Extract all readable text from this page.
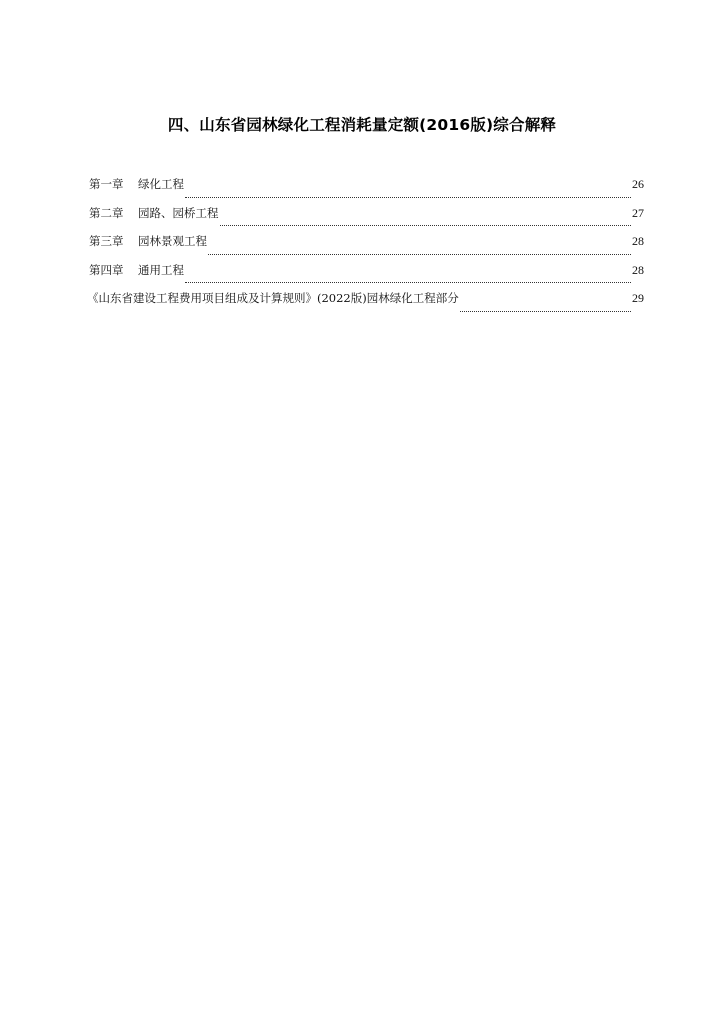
四、山东省园林绿化工程消耗量定额(2016版)综合解释
第一章	绿化工程	26
第二章	园路、园桥工程	27
第三章	园林景观工程	28
第四章	通用工程	28
《山东省建设工程费用项目组成及计算规则》(2022版)园林绿化工程部分	29
